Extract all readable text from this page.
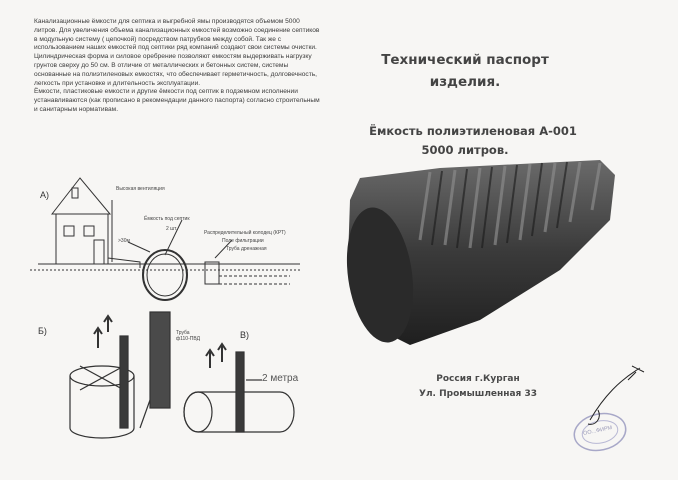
Канализационные ёмкости для септика и выгребной ямы производятся объемом 5000 литров. Для увеличения объема канализационных емкостей возможно соединение септиков в модульную систему ( цепочкой) посредством патрубков между собой. Так же с использованием наших емкостей под септики ряд компаний создают свои системы очистки. Цилиндрическая форма и силовое оребрение позволяют емкостям выдерживать нагрузку грунтов сверху до 50 см. В отличие от металлических и бетонных систем, системы основанные на полиэтиленовых емкостях, что обеспечивает герметичность, долговечность, легкость при установке и длительность эксплуатации.

Ёмкости, пластиковые емкости и другие ёмкости под септик в подземном исполнении устанавливаются (как прописано в рекомендации данного паспорта) согласно строительным и санитарным нормативам.

Технический паспорт
изделия.
Ёмкость полиэтиленовая А-001
5000 литров.
А)
Б)	В)
Высокая вентиляция
Ёмкость под септик
2 шт.
>30м
Распределительный колодец (КРТ)
Поле фильтрации
Труба дренажная
Труба
ф110-ПВД
2 метра	Россия г.Курган
Ул. Промышленная 33
ОО...ФИРМ
